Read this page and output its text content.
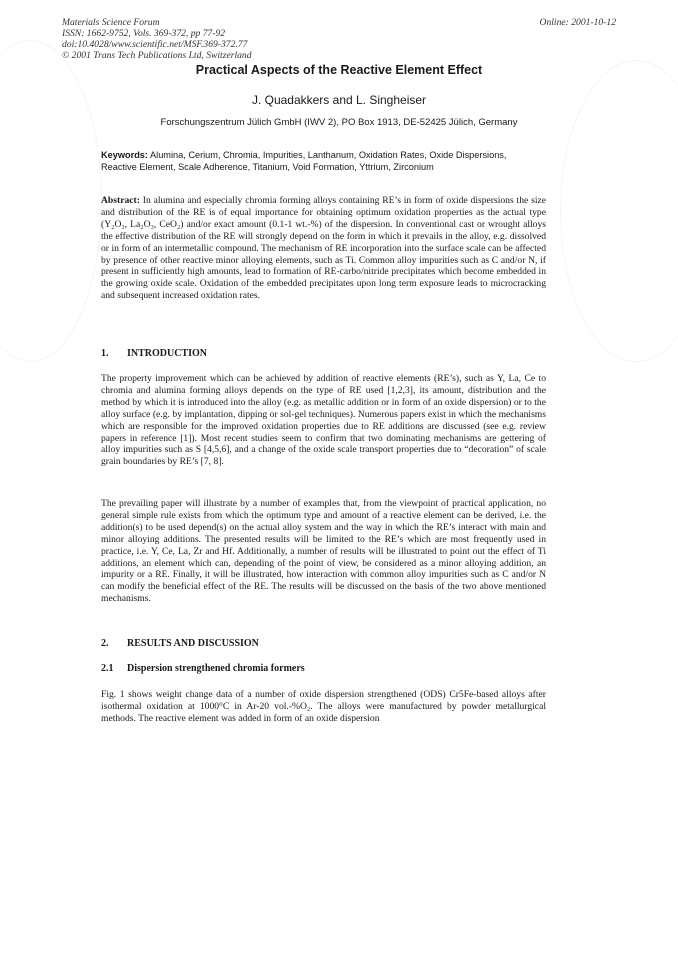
Materials Science Forum
ISSN: 1662-9752, Vols. 369-372, pp 77-92
doi:10.4028/www.scientific.net/MSF.369-372.77
© 2001 Trans Tech Publications Ltd, Switzerland
Online: 2001-10-12
Practical Aspects of the Reactive Element Effect
J. Quadakkers and L. Singheiser
Forschungszentrum Jülich GmbH (IWV 2), PO Box 1913, DE-52425 Jülich, Germany
Keywords: Alumina, Cerium, Chromia, Impurities, Lanthanum, Oxidation Rates, Oxide Dispersions, Reactive Element, Scale Adherence, Titanium, Void Formation, Yttrium, Zirconium
Abstract: In alumina and especially chromia forming alloys containing RE’s in form of oxide dispersions the size and distribution of the RE is of equal importance for obtaining optimum oxidation properties as the actual type (Y₂O₃, La₂O₃, CeO₂) and/or exact amount (0.1-1 wt.-%) of the dispersion. In conventional cast or wrought alloys the effective distribution of the RE will strongly depend on the form in which it prevails in the alloy, e.g. dissolved or in form of an intermetallic compound. The mechanism of RE incorporation into the surface scale can be affected by presence of other reactive minor alloying elements, such as Ti. Common alloy impurities such as C and/or N, if present in sufficiently high amounts, lead to formation of RE-carbo/nitride precipitates which become embedded in the growing oxide scale. Oxidation of the embedded precipitates upon long term exposure leads to microcracking and subsequent increased oxidation rates.
1. INTRODUCTION
The property improvement which can be achieved by addition of reactive elements (RE’s), such as Y, La, Ce to chromia and alumina forming alloys depends on the type of RE used [1,2,3], its amount, distribution and the method by which it is introduced into the alloy (e.g. as metallic addition or in form of an oxide dispersion) or to the alloy surface (e.g. by implantation, dipping or sol-gel techniques). Numerous papers exist in which the mechanisms which are responsible for the improved oxidation properties due to RE additions are discussed (see e.g. review papers in reference [1]). Most recent studies seem to confirm that two dominating mechanisms are gettering of alloy impurities such as S [4,5,6], and a change of the oxide scale transport properties due to “decoration” of scale grain boundaries by RE’s [7, 8].
The prevailing paper will illustrate by a number of examples that, from the viewpoint of practical application, no general simple rule exists from which the optimum type and amount of a reactive element can be derived, i.e. the addition(s) to be used depend(s) on the actual alloy system and the way in which the RE’s interact with main and minor alloying additions. The presented results will be limited to the RE’s which are most frequently used in practice, i.e. Y, Ce, La, Zr and Hf. Additionally, a number of results will be illustrated to point out the effect of Ti additions, an element which can, depending of the point of view, be considered as a minor alloying addition, an impurity or a RE. Finally, it will be illustrated, how interaction with common alloy impurities such as C and/or N can modify the beneficial effect of the RE. The results will be discussed on the basis of the two above mentioned mechanisms.
2. RESULTS AND DISCUSSION
2.1 Dispersion strengthened chromia formers
Fig. 1 shows weight change data of a number of oxide dispersion strengthened (ODS) Cr5Fe-based alloys after isothermal oxidation at 1000°C in Ar-20 vol.-%O₂. The alloys were manufactured by powder metallurgical methods. The reactive element was added in form of an oxide dispersion
